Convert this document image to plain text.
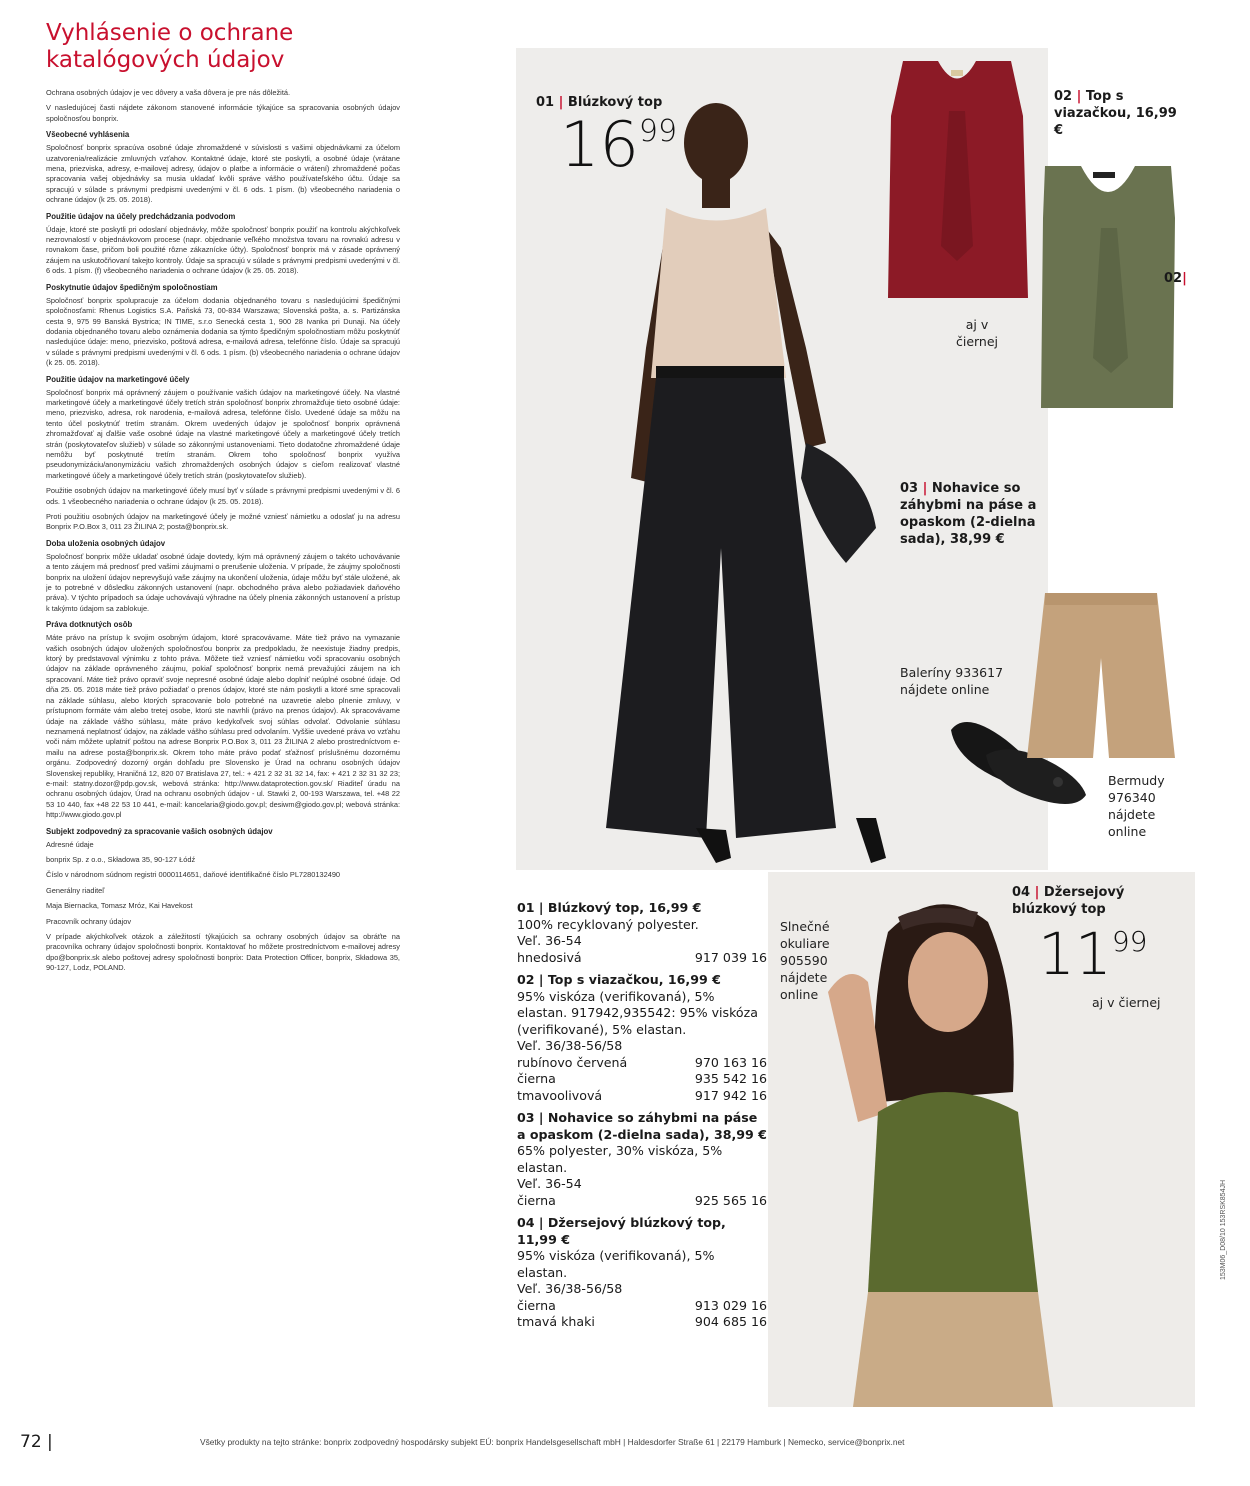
Vyhlásenie o ochrane katalógových údajov

Ochrana osobných údajov je vec dôvery a vaša dôvera je pre nás dôležitá.

V nasledujúcej časti nájdete zákonom stanovené informácie týkajúce sa spracovania osobných údajov spoločnosťou bonprix.

Všeobecné vyhlásenia

Spoločnosť bonprix spracúva osobné údaje zhromaždené v súvislosti s vašimi objednávkami za účelom uzatvorenia/realizácie zmluvných vzťahov. Kontaktné údaje, ktoré ste poskytli, a osobné údaje (vrátane mena, priezviska, adresy, e-mailovej adresy, údajov o platbe a informácie o vrátení) zhromaždené počas spracovania vašej objednávky sa musia ukladať kvôli správe vášho používateľského účtu. Údaje sa spracujú v súlade s právnymi predpismi uvedenými v čl. 6 ods. 1 písm. (b) všeobecného nariadenia o ochrane údajov (k 25. 05. 2018).

Použitie údajov na účely predchádzania podvodom

Údaje, ktoré ste poskytli pri odoslaní objednávky, môže spoločnosť bonprix použiť na kontrolu akýchkoľvek nezrovnalostí v objednávkovom procese (napr. objednanie veľkého množstva tovaru na rovnakú adresu v rovnakom čase, pričom boli použité rôzne zákaznícke účty). Spoločnosť bonprix má v zásade oprávnený záujem na uskutočňovaní takejto kontroly. Údaje sa spracujú v súlade s právnymi predpismi uvedenými v čl. 6 ods. 1 písm. (f) všeobecného nariadenia o ochrane údajov (k 25. 05. 2018).

Poskytnutie údajov špedičným spoločnostiam

Spoločnosť bonprix spolupracuje za účelom dodania objednaného tovaru s nasledujúcimi špedičnými spoločnosťami: Rhenus Logistics S.A. Paňská 73, 00-834 Warszawa; Slovenská pošta, a. s. Partizánska cesta 9, 975 99 Banská Bystrica; IN TIME, s.r.o Senecká cesta 1, 900 28 Ivanka pri Dunaji. Na účely dodania objednaného tovaru alebo oznámenia dodania sa týmto špedičným spoločnostiam môžu poskytnúť nasledujúce údaje: meno, priezvisko, poštová adresa, e-mailová adresa, telefónne číslo. Údaje sa spracujú v súlade s právnymi predpismi uvedenými v čl. 6 ods. 1 písm. (b) všeobecného nariadenia o ochrane údajov (k 25. 05. 2018).

Použitie údajov na marketingové účely

Spoločnosť bonprix má oprávnený záujem o používanie vašich údajov na marketingové účely. Na vlastné marketingové účely a marketingové účely tretích strán spoločnosť bonprix zhromažďuje tieto osobné údaje: meno, priezvisko, adresa, rok narodenia, e-mailová adresa, telefónne číslo. Uvedené údaje sa môžu na tento účel poskytnúť tretím stranám. Okrem uvedených údajov je spoločnosť bonprix oprávnená zhromažďovať aj ďalšie vaše osobné údaje na vlastné marketingové účely a marketingové účely tretích strán (poskytovateľov služieb) v súlade so zákonnými ustanoveniami. Tieto dodatočne zhromaždené údaje nemôžu byť poskytnuté tretím stranám. Okrem toho spoločnosť bonprix využíva pseudonymizáciu/anonymizáciu vašich zhromaždených osobných údajov s cieľom realizovať vlastné marketingové účely a marketingové účely tretích strán (poskytovateľov služieb).

Použitie osobných údajov na marketingové účely musí byť v súlade s právnymi predpismi uvedenými v čl. 6 ods. 1 všeobecného nariadenia o ochrane údajov (k 25. 05. 2018).

Proti použitiu osobných údajov na marketingové účely je možné vzniesť námietku a odoslať ju na adresu Bonprix P.O.Box 3, 011 23 ŽILINA 2; posta@bonprix.sk.

Doba uloženia osobných údajov

Spoločnosť bonprix môže ukladať osobné údaje dovtedy, kým má oprávnený záujem o takéto uchovávanie a tento záujem má prednosť pred vašimi záujmami o prerušenie uloženia. V prípade, že záujmy spoločnosti bonprix na uložení údajov neprevyšujú vaše záujmy na ukončení uloženia, údaje môžu byť stále uložené, ak je to potrebné v dôsledku zákonných ustanovení (napr. obchodného práva alebo požiadaviek daňového práva). V týchto prípadoch sa údaje uchovávajú výhradne na účely plnenia zákonných ustanovení a prístup k takýmto údajom sa zablokuje.

Práva dotknutých osôb

Máte právo na prístup k svojim osobným údajom, ktoré spracovávame. Máte tiež právo na vymazanie vašich osobných údajov uložených spoločnosťou bonprix za predpokladu, že neexistuje žiadny predpis, ktorý by predstavoval výnimku z tohto práva. Môžete tiež vzniesť námietku voči spracovaniu osobných údajov na základe oprávneného záujmu, pokiaľ spoločnosť bonprix nemá prevažujúci záujem na ich spracovaní. Máte tiež právo opraviť svoje nepresné osobné údaje alebo doplniť neúplné osobné údaje. Od dňa 25. 05. 2018 máte tiež právo požiadať o prenos údajov, ktoré ste nám poskytli a ktoré sme spracovali na základe súhlasu, alebo ktorých spracovanie bolo potrebné na uzavretie alebo plnenie zmluvy, v prístupnom formáte vám alebo tretej osobe, ktorú ste navrhli (právo na prenos údajov). Ak spracovávame údaje na základe vášho súhlasu, máte právo kedykoľvek svoj súhlas odvolať. Odvolanie súhlasu neznamená neplatnosť údajov, na základe vášho súhlasu pred odvolaním. Vyššie uvedené práva vo vzťahu voči nám môžete uplatniť poštou na adrese Bonprix P.O.Box 3, 011 23 ŽILINA 2 alebo prostredníctvom e-mailu na adrese posta@bonprix.sk. Okrem toho máte právo podať sťažnosť príslušnému dozornému orgánu. Zodpovedný dozorný orgán dohľadu pre Slovensko je Úrad na ochranu osobných údajov Slovenskej republiky, Hraničná 12, 820 07 Bratislava 27, tel.: + 421 2 32 31 32 14, fax: + 421 2 32 31 32 23; e-mail: statny.dozor@pdp.gov.sk, webová stránka: http://www.dataprotection.gov.sk/ Riaditeľ úradu na ochranu osobných údajov, Úrad na ochranu osobných údajov - ul. Stawki 2, 00-193 Warszawa, tel. +48 22 53 10 440, fax +48 22 53 10 441, e-mail: kancelaria@giodo.gov.pl; desiwm@giodo.gov.pl; webová stránka: http://www.giodo.gov.pl

Subjekt zodpovedný za spracovanie vašich osobných údajov

Adresné údaje

bonprix Sp. z o.o., Składowa 35, 90-127 Łódź

Číslo v národnom súdnom registri 0000114651, daňové identifikačné číslo PL7280132490

Generálny riaditeľ

Maja Biernacka, Tomasz Mróz, Kai Havekost

Pracovník ochrany údajov

V prípade akýchkoľvek otázok a záležitostí týkajúcich sa ochrany osobných údajov sa obráťte na pracovníka ochrany údajov spoločnosti bonprix. Kontaktovať ho môžete prostredníctvom e-mailovej adresy dpo@bonprix.sk alebo poštovej adresy spoločnosti bonprix: Data Protection Officer, bonprix, Składowa 35, 90-127, Lodz, POLAND.

01 | Blúzkový top
1699
02 | Top s viazačkou, 16,99 €
aj v čiernej
02|
03 | Nohavice so záhybmi na páse a opaskom (2-dielna sada), 38,99 €
Baleríny 933617 nájdete online
Bermudy 976340 nájdete online
Slnečné okuliare 905590 nájdete online
04 | Džersejový blúzkový top
1199
aj v čiernej
01 | Blúzkový top, 16,99 €
100% recyklovaný polyester.
Veľ. 36-54
hnedosivá	917 039 16
02 | Top s viazačkou, 16,99 €
95% viskóza (verifikovaná), 5% elastan. 917942,935542: 95% viskóza (verifikované), 5% elastan.
Veľ. 36/38-56/58
rubínovo červená	970 163 16
čierna	935 542 16
tmavoolivová	917 942 16
03 | Nohavice so záhybmi na páse a opaskom (2-dielna sada), 38,99 €
65% polyester, 30% viskóza, 5% elastan.
Veľ. 36-54
čierna	925 565 16
04 | Džersejový blúzkový top, 11,99 €
95% viskóza (verifikovaná), 5% elastan.
Veľ. 36/38-56/58
čierna	913 029 16
tmavá khaki	904 685 16
72 |	Všetky produkty na tejto stránke: bonprix zodpovedný hospodársky subjekt EÚ: bonprix Handelsgesellschaft mbH | Haldesdorfer Straße 61 | 22179 Hamburk | Nemecko, service@bonprix.net
153M06_D08/10 153RSK854JH
